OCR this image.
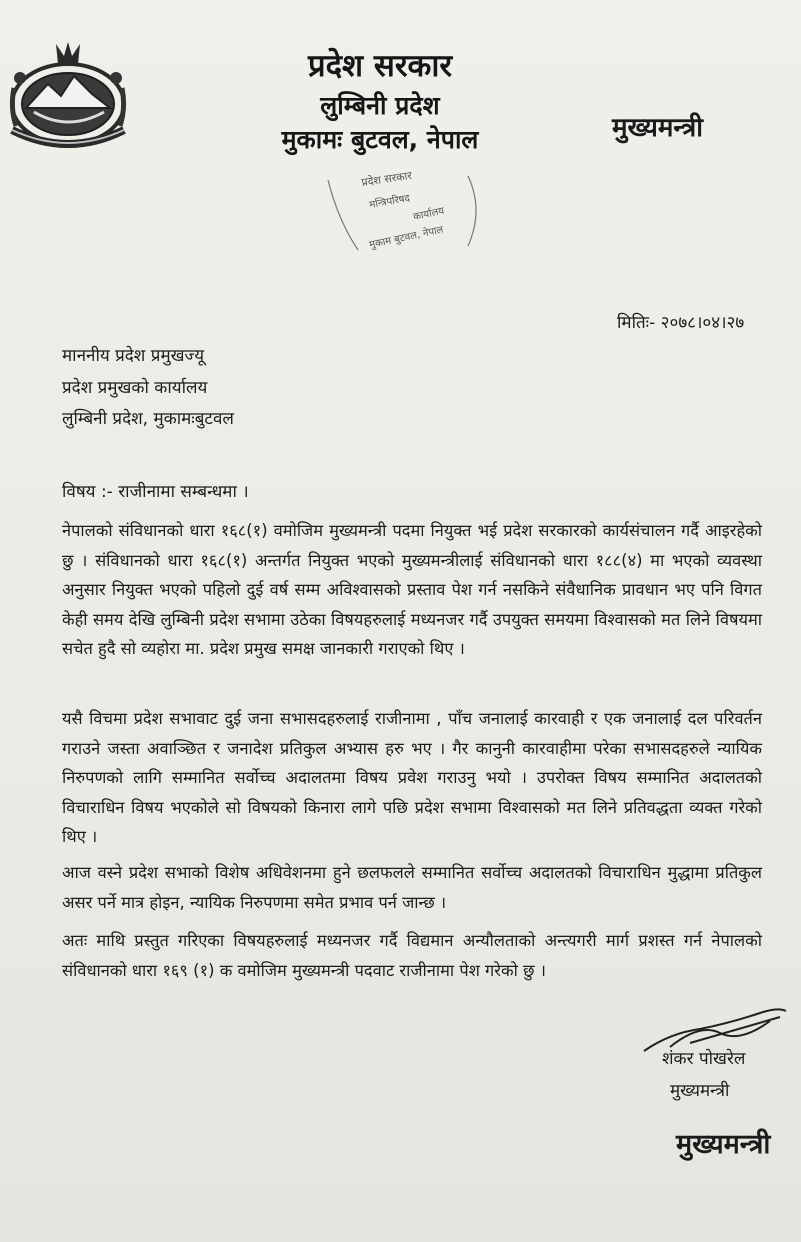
प्रदेश सरकार
लुम्बिनी प्रदेश
मुकामः बुटवल, नेपाल	मुख्यमन्त्री
प्रदेश सरकार
मन्त्रिपरिषद
कार्यालय
मुकाम बुटवल, नेपाल
मितिः- २०७८।०४।२७
माननीय प्रदेश प्रमुखज्यू
प्रदेश प्रमुखको कार्यालय
लुम्बिनी प्रदेश, मुकामःबुटवल
विषय :- राजीनामा सम्बन्धमा ।

नेपालको संविधानको धारा १६८(१) वमोजिम मुख्यमन्त्री पदमा नियुक्त भई प्रदेश सरकारको कार्यसंचालन गर्दै आइरहेको छु । संविधानको धारा १६८(१) अन्तर्गत नियुक्त भएको मुख्यमन्त्रीलाई संविधानको धारा १८८(४) मा भएको व्यवस्था अनुसार नियुक्त भएको पहिलो दुई वर्ष सम्म अविश्वासको प्रस्ताव पेश गर्न नसकिने संवैधानिक प्रावधान भए पनि विगत केही समय देखि लुम्बिनी प्रदेश सभामा उठेका विषयहरुलाई मध्यनजर गर्दै उपयुक्त समयमा विश्वासको मत लिने विषयमा सचेत हुदै सो व्यहोरा मा. प्रदेश प्रमुख समक्ष जानकारी गराएको थिए ।

यसै विचमा प्रदेश सभावाट दुई जना सभासदहरुलाई राजीनामा , पाँच जनालाई कारवाही र एक जनालाई दल परिवर्तन गराउने जस्ता अवाञ्छित र जनादेश प्रतिकुल अभ्यास हरु भए । गैर कानुनी कारवाहीमा परेका सभासदहरुले न्यायिक निरुपणको लागि सम्मानित सर्वोच्च अदालतमा विषय प्रवेश गराउनु भयो । उपरोक्त विषय सम्मानित अदालतको विचाराधिन विषय भएकोले सो विषयको किनारा लागे पछि प्रदेश सभामा विश्वासको मत लिने प्रतिवद्धता व्यक्त गरेको थिए ।

आज वस्ने प्रदेश सभाको विशेष अधिवेशनमा हुने छलफलले सम्मानित सर्वोच्च अदालतको विचाराधिन मुद्धामा प्रतिकुल असर पर्ने मात्र होइन, न्यायिक निरुपणमा समेत प्रभाव पर्न जान्छ ।

अतः माथि प्रस्तुत गरिएका विषयहरुलाई मध्यनजर गर्दै विद्यमान अन्यौलताको अन्त्यगरी मार्ग प्रशस्त गर्न नेपालको संविधानको धारा १६९ (१) क वमोजिम मुख्यमन्त्री पदवाट राजीनामा पेश गरेको छु ।

शंकर पोखरेल
मुख्यमन्त्री
मुख्यमन्त्री
